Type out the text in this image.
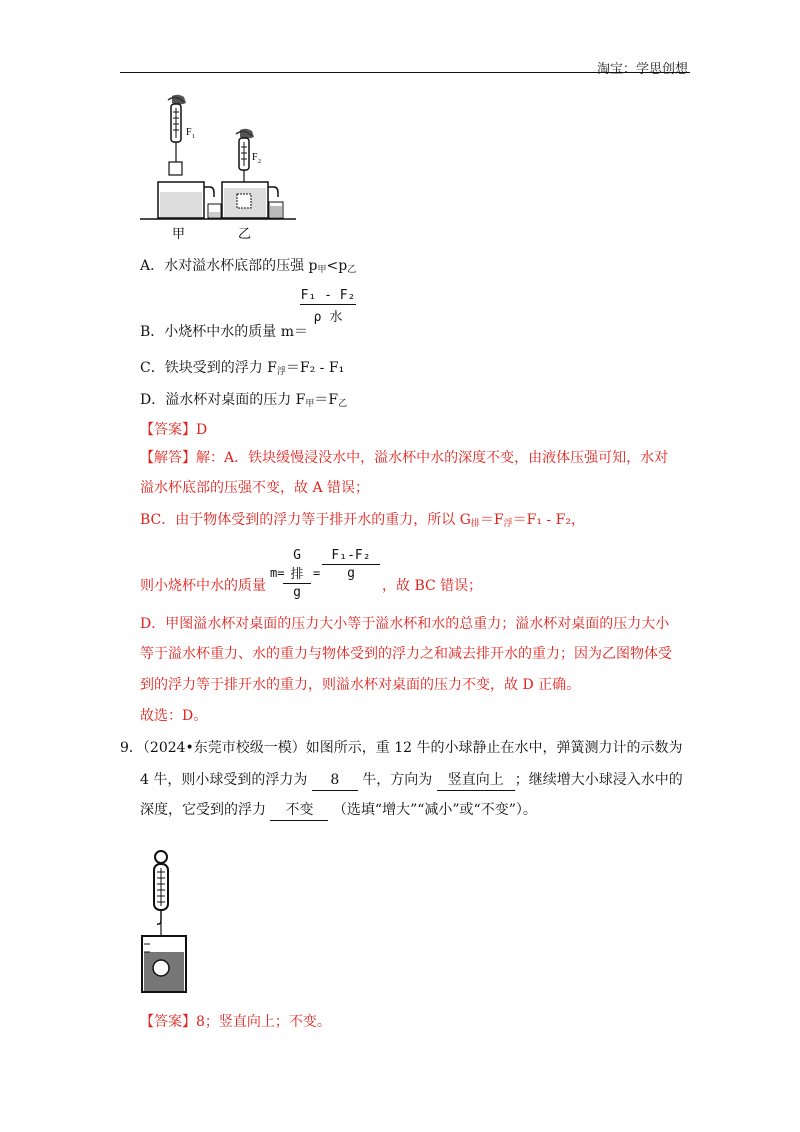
淘宝：学思创想
F 1
F 2
甲	乙
A．水对溢水杯底部的压强 $p_甲<p_乙$
F₁ - F₂
ρ 水
B．小烧杯中水的质量 m＝
C．铁块受到的浮力 $F_浮=F_2 - F_1$
D．溢水杯对桌面的压力 $F_甲=F_乙$
【答案】D
【解答】解：A．铁块缓慢浸没水中，溢水杯中水的深度不变，由液体压强可知，水对
溢水杯底部的压强不变，故 A 错误；
BC．由于物体受到的浮力等于排开水的重力，所以 $G_排=F_浮=F_1 - F_2$，
G 排
g
F₁-F₂
g
m= =
则小烧杯中水的质量	，故 BC 错误；
D．甲图溢水杯对桌面的压力大小等于溢水杯和水的总重力；溢水杯对桌面的压力大小
等于溢水杯重力、水的重力与物体受到的浮力之和减去排开水的重力；因为乙图物体受
到的浮力等于排开水的重力，则溢水杯对桌面的压力不变，故 D 正确。
故选：D。
9．（2024•东莞市校级一模）如图所示，重 12 牛的小球静止在水中，弹簧测力计的示数为
4 牛，则小球受到的浮力为 8 牛，方向为 竖直向上 ；继续增大小球浸入水中的
深度，它受到的浮力 不变 （选填“增大”“减小”或“不变”）。
【答案】8；竖直向上；不变。
